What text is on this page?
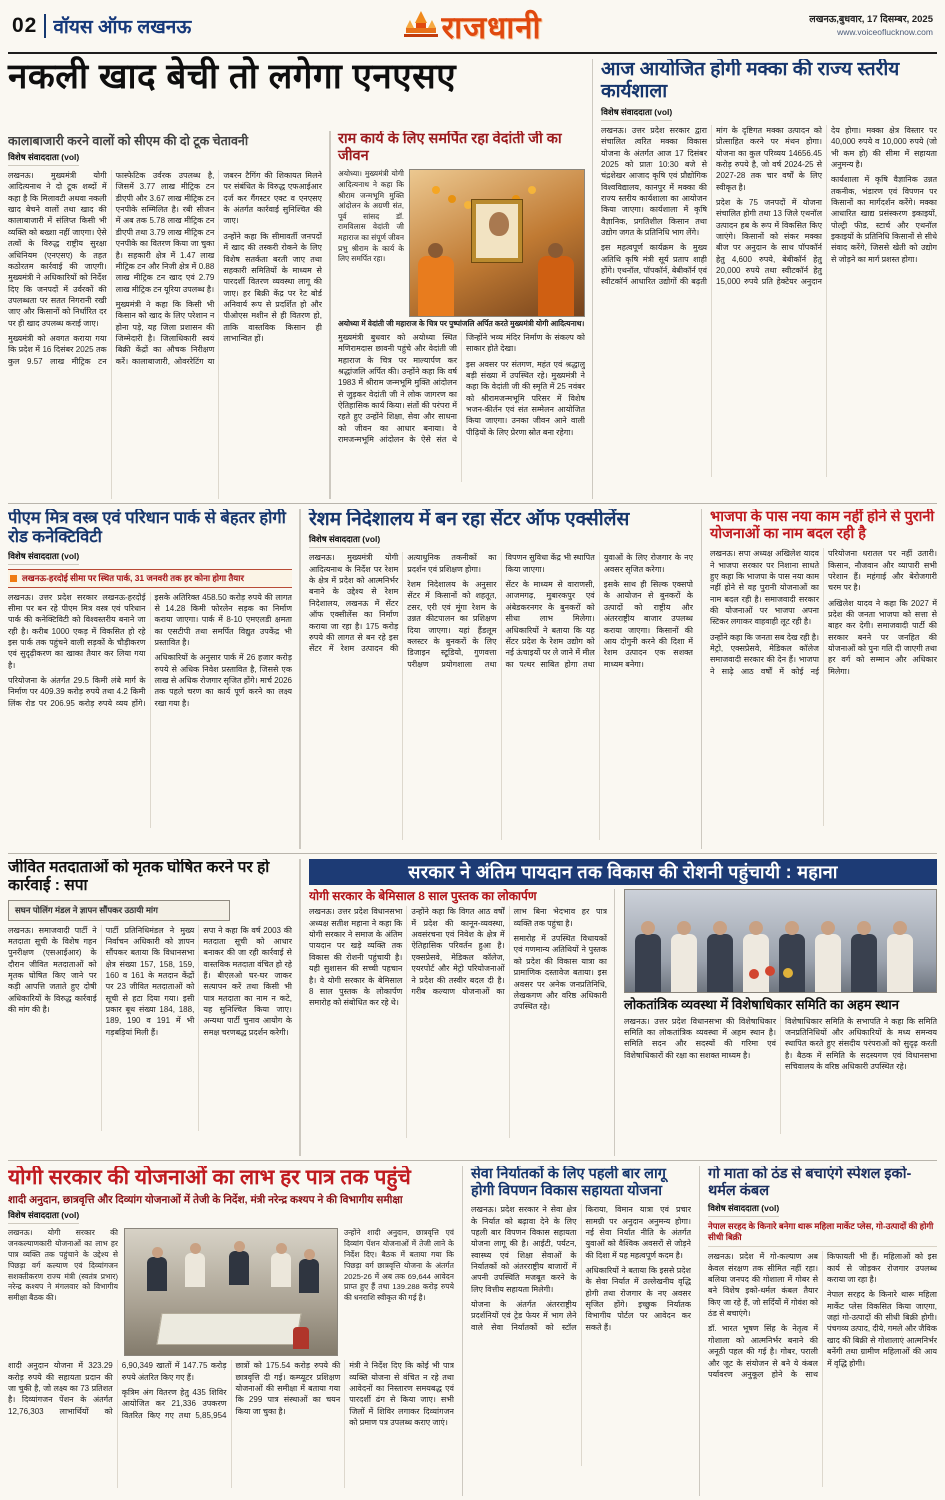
02 वॉयस ऑफ लखनऊ	राजधानी	लखनऊ,बुधवार, 17 दिसम्बर, 2025
www.voiceoflucknow.com
नकली खाद बेची तो लगेगा एनएसए
कालाबाजारी करने वालों को सीएम की दो टूक चेतावनी
विशेष संवाददाता (vol)

लखनऊ। मुख्यमंत्री योगी आदित्यनाथ ने दो टूक शब्दों में कहा है कि मिलावटी अथवा नकली खाद बेचने वालों तथा खाद की कालाबाजारी में संलिप्त किसी भी व्यक्ति को बख्शा नहीं जाएगा। ऐसे तत्वों के विरुद्ध राष्ट्रीय सुरक्षा अधिनियम (एनएसए) के तहत कठोरतम कार्रवाई की जाएगी। मुख्यमंत्री ने अधिकारियों को निर्देश दिए कि जनपदों में उर्वरकों की उपलब्धता पर सतत निगरानी रखी जाए और किसानों को निर्धारित दर पर ही खाद उपलब्ध कराई जाए।

मुख्यमंत्री को अवगत कराया गया कि प्रदेश में 16 दिसंबर 2025 तक कुल 9.57 लाख मीट्रिक टन फास्फेटिक उर्वरक उपलब्ध है, जिसमें 3.77 लाख मीट्रिक टन डीएपी और 3.67 लाख मीट्रिक टन एनपीके सम्मिलित है। रबी सीजन में अब तक 5.78 लाख मीट्रिक टन डीएपी तथा 3.79 लाख मीट्रिक टन एनपीके का वितरण किया जा चुका है। सहकारी क्षेत्र में 1.47 लाख मीट्रिक टन और निजी क्षेत्र में 0.88 लाख मीट्रिक टन खाद एवं 2.79 लाख मीट्रिक टन यूरिया उपलब्ध है।

मुख्यमंत्री ने कहा कि किसी भी किसान को खाद के लिए परेशान न होना पड़े, यह जिला प्रशासन की जिम्मेदारी है। जिलाधिकारी स्वयं बिक्री केंद्रों का औचक निरीक्षण करें। कालाबाजारी, ओवररेटिंग या जबरन टैगिंग की शिकायत मिलने पर संबंधित के विरुद्ध एफआईआर दर्ज कर गैंगस्टर एक्ट व एनएसए के अंतर्गत कार्रवाई सुनिश्चित की जाए।

उन्होंने कहा कि सीमावर्ती जनपदों में खाद की तस्करी रोकने के लिए विशेष सतर्कता बरती जाए तथा सहकारी समितियों के माध्यम से पारदर्शी वितरण व्यवस्था लागू की जाए। हर बिक्री केंद्र पर रेट बोर्ड अनिवार्य रूप से प्रदर्शित हो और पीओएस मशीन से ही वितरण हो, ताकि वास्तविक किसान ही लाभान्वित हों।

राम कार्य के लिए समर्पित रहा वेदांती जी का जीवन

अयोध्या। मुख्यमंत्री योगी आदित्यनाथ ने कहा कि श्रीराम जन्मभूमि मुक्ति आंदोलन के अग्रणी संत, पूर्व सांसद डॉ. रामविलास वेदांती जी महाराज का संपूर्ण जीवन प्रभु श्रीराम के कार्य के लिए समर्पित रहा।

अयोध्या में वेदांती जी महाराज के चित्र पर पुष्पांजलि अर्पित करते मुख्यमंत्री योगी आदित्यनाथ।

मुख्यमंत्री बुधवार को अयोध्या स्थित मणिरामदास छावनी पहुंचे और वेदांती जी महाराज के चित्र पर माल्यार्पण कर श्रद्धांजलि अर्पित की। उन्होंने कहा कि वर्ष 1983 में श्रीराम जन्मभूमि मुक्ति आंदोलन से जुड़कर वेदांती जी ने लोक जागरण का ऐतिहासिक कार्य किया। संतों की परंपरा में रहते हुए उन्होंने शिक्षा, सेवा और साधना को जीवन का आधार बनाया। वे रामजन्मभूमि आंदोलन के ऐसे संत थे जिन्होंने भव्य मंदिर निर्माण के संकल्प को साकार होते देखा।

इस अवसर पर संतगण, महंत एवं श्रद्धालु बड़ी संख्या में उपस्थित रहे। मुख्यमंत्री ने कहा कि वेदांती जी की स्मृति में 25 नवंबर को श्रीरामजन्मभूमि परिसर में विशेष भजन-कीर्तन एवं संत सम्मेलन आयोजित किया जाएगा। उनका जीवन आने वाली पीढ़ियों के लिए प्रेरणा स्रोत बना रहेगा।

आज आयोजित होगी मक्का की राज्य स्तरीय कार्यशाला
विशेष संवाददाता (vol)

लखनऊ। उत्तर प्रदेश सरकार द्वारा संचालित त्वरित मक्का विकास योजना के अंतर्गत आज 17 दिसंबर 2025 को प्रातः 10:30 बजे से चंद्रशेखर आजाद कृषि एवं प्रौद्योगिक विश्वविद्यालय, कानपुर में मक्का की राज्य स्तरीय कार्यशाला का आयोजन किया जाएगा। कार्यशाला में कृषि वैज्ञानिक, प्रगतिशील किसान तथा उद्योग जगत के प्रतिनिधि भाग लेंगे।

इस महत्वपूर्ण कार्यक्रम के मुख्य अतिथि कृषि मंत्री सूर्य प्रताप शाही होंगे। एथनॉल, पॉपकॉर्न, बेबीकॉर्न एवं स्वीटकॉर्न आधारित उद्योगों की बढ़ती मांग के दृष्टिगत मक्का उत्पादन को प्रोत्साहित करने पर मंथन होगा। योजना का कुल परिव्यय 14656.45 करोड़ रुपये है, जो वर्ष 2024-25 से 2027-28 तक चार वर्षों के लिए स्वीकृत है।

प्रदेश के 75 जनपदों में योजना संचालित होगी तथा 13 जिले एथनॉल उत्पादन हब के रूप में विकसित किए जाएंगे। किसानों को संकर मक्का बीज पर अनुदान के साथ पॉपकॉर्न हेतु 4,600 रुपये, बेबीकॉर्न हेतु 20,000 रुपये तथा स्वीटकॉर्न हेतु 15,000 रुपये प्रति हेक्टेयर अनुदान देय होगा। मक्का क्षेत्र विस्तार पर 40,000 रुपये व 10,000 रुपये (जो भी कम हो) की सीमा में सहायता अनुमन्य है।

कार्यशाला में कृषि वैज्ञानिक उन्नत तकनीक, भंडारण एवं विपणन पर किसानों का मार्गदर्शन करेंगे। मक्का आधारित खाद्य प्रसंस्करण इकाइयों, पोल्ट्री फीड, स्टार्च और एथनॉल इकाइयों के प्रतिनिधि किसानों से सीधे संवाद करेंगे, जिससे खेती को उद्योग से जोड़ने का मार्ग प्रशस्त होगा।

पीएम मित्र वस्त्र एवं परिधान पार्क से बेहतर होगी रोड कनेक्टिविटी
विशेष संवाददाता (vol)
लखनऊ-हरदोई सीमा पर स्थित पार्क, 31 जनवरी तक हर कोना होगा तैयार

लखनऊ। उत्तर प्रदेश सरकार लखनऊ-हरदोई सीमा पर बन रहे पीएम मित्र वस्त्र एवं परिधान पार्क की कनेक्टिविटी को विश्वस्तरीय बनाने जा रही है। करीब 1000 एकड़ में विकसित हो रहे इस पार्क तक पहुंचने वाली सड़कों के चौड़ीकरण एवं सुदृढ़ीकरण का खाका तैयार कर लिया गया है।

परियोजना के अंतर्गत 29.5 किमी लंबे मार्ग के निर्माण पर 409.39 करोड़ रुपये तथा 4.2 किमी लिंक रोड पर 206.95 करोड़ रुपये व्यय होंगे। इसके अतिरिक्त 458.50 करोड़ रुपये की लागत से 14.28 किमी फोरलेन सड़क का निर्माण कराया जाएगा। पार्क में 8-10 एमएलडी क्षमता का एसटीपी तथा समर्पित विद्युत उपकेंद्र भी प्रस्तावित है।

अधिकारियों के अनुसार पार्क में 26 हजार करोड़ रुपये से अधिक निवेश प्रस्तावित है, जिससे एक लाख से अधिक रोजगार सृजित होंगे। मार्च 2026 तक पहले चरण का कार्य पूर्ण करने का लक्ष्य रखा गया है।

रेशम निदेशालय में बन रहा सेंटर ऑफ एक्सीलेंस
विशेष संवाददाता (vol)

लखनऊ। मुख्यमंत्री योगी आदित्यनाथ के निर्देश पर रेशम के क्षेत्र में प्रदेश को आत्मनिर्भर बनाने के उद्देश्य से रेशम निदेशालय, लखनऊ में सेंटर ऑफ एक्सीलेंस का निर्माण कराया जा रहा है। 175 करोड़ रुपये की लागत से बन रहे इस सेंटर में रेशम उत्पादन की अत्याधुनिक तकनीकों का प्रदर्शन एवं प्रशिक्षण होगा।

रेशम निदेशालय के अनुसार सेंटर में किसानों को शहतूत, टसर, एरी एवं मूंगा रेशम के उन्नत कीटपालन का प्रशिक्षण दिया जाएगा। यहां हैंडलूम क्लस्टर के बुनकरों के लिए डिजाइन स्टूडियो, गुणवत्ता परीक्षण प्रयोगशाला तथा विपणन सुविधा केंद्र भी स्थापित किया जाएगा।

सेंटर के माध्यम से वाराणसी, आजमगढ़, मुबारकपुर एवं अंबेडकरनगर के बुनकरों को सीधा लाभ मिलेगा। अधिकारियों ने बताया कि यह सेंटर प्रदेश के रेशम उद्योग को नई ऊंचाइयों पर ले जाने में मील का पत्थर साबित होगा तथा युवाओं के लिए रोजगार के नए अवसर सृजित करेगा।

इसके साथ ही सिल्क एक्सपो के आयोजन से बुनकरों के उत्पादों को राष्ट्रीय और अंतरराष्ट्रीय बाजार उपलब्ध कराया जाएगा। किसानों की आय दोगुनी करने की दिशा में रेशम उत्पादन एक सशक्त माध्यम बनेगा।

भाजपा के पास नया काम नहीं होने से पुरानी योजनाओं का नाम बदल रही है

लखनऊ। सपा अध्यक्ष अखिलेश यादव ने भाजपा सरकार पर निशाना साधते हुए कहा कि भाजपा के पास नया काम नहीं होने से वह पुरानी योजनाओं का नाम बदल रही है। समाजवादी सरकार की योजनाओं पर भाजपा अपना स्टिकर लगाकर वाहवाही लूट रही है।

उन्होंने कहा कि जनता सब देख रही है। मेट्रो, एक्सप्रेसवे, मेडिकल कॉलेज समाजवादी सरकार की देन हैं। भाजपा ने साढ़े आठ वर्षों में कोई नई परियोजना धरातल पर नहीं उतारी। किसान, नौजवान और व्यापारी सभी परेशान हैं। महंगाई और बेरोजगारी चरम पर है।

अखिलेश यादव ने कहा कि 2027 में प्रदेश की जनता भाजपा को सत्ता से बाहर कर देगी। समाजवादी पार्टी की सरकार बनने पर जनहित की योजनाओं को पुनः गति दी जाएगी तथा हर वर्ग को सम्मान और अधिकार मिलेगा।

जीवित मतदाताओं को मृतक घोषित करने पर हो कार्रवाई : सपा
सघन पोलिंग मंडल ने ज्ञापन सौंपकर उठायी मांग

लखनऊ। समाजवादी पार्टी ने मतदाता सूची के विशेष गहन पुनरीक्षण (एसआईआर) के दौरान जीवित मतदाताओं को मृतक घोषित किए जाने पर कड़ी आपत्ति जताते हुए दोषी अधिकारियों के विरुद्ध कार्रवाई की मांग की है।

पार्टी प्रतिनिधिमंडल ने मुख्य निर्वाचन अधिकारी को ज्ञापन सौंपकर बताया कि विधानसभा क्षेत्र संख्या 157, 158, 159, 160 व 161 के मतदान केंद्रों पर 23 जीवित मतदाताओं को सूची से हटा दिया गया। इसी प्रकार बूथ संख्या 184, 188, 189, 190 व 191 में भी गड़बड़ियां मिली हैं।

सपा ने कहा कि वर्ष 2003 की मतदाता सूची को आधार बनाकर की जा रही कार्रवाई से वास्तविक मतदाता वंचित हो रहे हैं। बीएलओ घर-घर जाकर सत्यापन करें तथा किसी भी पात्र मतदाता का नाम न कटे, यह सुनिश्चित किया जाए। अन्यथा पार्टी चुनाव आयोग के समक्ष चरणबद्ध प्रदर्शन करेगी।

सरकार ने अंतिम पायदान तक विकास की रोशनी पहुंचायी : महाना
योगी सरकार के बेमिसाल 8 साल पुस्तक का लोकार्पण

लखनऊ। उत्तर प्रदेश विधानसभा अध्यक्ष सतीश महाना ने कहा कि योगी सरकार ने समाज के अंतिम पायदान पर खड़े व्यक्ति तक विकास की रोशनी पहुंचायी है। यही सुशासन की सच्ची पहचान है। वे योगी सरकार के बेमिसाल 8 साल पुस्तक के लोकार्पण समारोह को संबोधित कर रहे थे।

उन्होंने कहा कि विगत आठ वर्षों में प्रदेश की कानून-व्यवस्था, अवसंरचना एवं निवेश के क्षेत्र में ऐतिहासिक परिवर्तन हुआ है। एक्सप्रेसवे, मेडिकल कॉलेज, एयरपोर्ट और मेट्रो परियोजनाओं ने प्रदेश की तस्वीर बदल दी है। गरीब कल्याण योजनाओं का लाभ बिना भेदभाव हर पात्र व्यक्ति तक पहुंचा है।

समारोह में उपस्थित विधायकों एवं गणमान्य अतिथियों ने पुस्तक को प्रदेश की विकास यात्रा का प्रामाणिक दस्तावेज बताया। इस अवसर पर अनेक जनप्रतिनिधि, लेखकगण और वरिष्ठ अधिकारी उपस्थित रहे।	लोकतांत्रिक व्यवस्था में विशेषाधिकार समिति का अहम स्थान

लखनऊ। उत्तर प्रदेश विधानसभा की विशेषाधिकार समिति का लोकतांत्रिक व्यवस्था में अहम स्थान है। समिति सदन और सदस्यों की गरिमा एवं विशेषाधिकारों की रक्षा का सशक्त माध्यम है।

विशेषाधिकार समिति के सभापति ने कहा कि समिति जनप्रतिनिधियों और अधिकारियों के मध्य समन्वय स्थापित करते हुए संसदीय परंपराओं को सुदृढ़ करती है। बैठक में समिति के सदस्यगण एवं विधानसभा सचिवालय के वरिष्ठ अधिकारी उपस्थित रहे।

योगी सरकार की योजनाओं का लाभ हर पात्र तक पहुंचे
शादी अनुदान, छात्रवृत्ति और दिव्यांग योजनाओं में तेजी के निर्देश, मंत्री नरेन्द्र कश्यप ने की विभागीय समीक्षा
विशेष संवाददाता (vol)

लखनऊ। योगी सरकार की जनकल्याणकारी योजनाओं का लाभ हर पात्र व्यक्ति तक पहुंचाने के उद्देश्य से पिछड़ा वर्ग कल्याण एवं दिव्यांगजन सशक्तीकरण राज्य मंत्री (स्वतंत्र प्रभार) नरेन्द्र कश्यप ने मंगलवार को विभागीय समीक्षा बैठक की।

उन्होंने शादी अनुदान, छात्रवृत्ति एवं दिव्यांग पेंशन योजनाओं में तेजी लाने के निर्देश दिए। बैठक में बताया गया कि पिछड़ा वर्ग छात्रवृत्ति योजना के अंतर्गत 2025-26 में अब तक 69,644 आवेदन प्राप्त हुए हैं तथा 139.288 करोड़ रुपये की धनराशि स्वीकृत की गई है।

शादी अनुदान योजना में 323.29 करोड़ रुपये की सहायता प्रदान की जा चुकी है, जो लक्ष्य का 73 प्रतिशत है। दिव्यांगजन पेंशन के अंतर्गत 12,76,303 लाभार्थियों को 6,90,349 खातों में 147.75 करोड़ रुपये अंतरित किए गए हैं।

कृत्रिम अंग वितरण हेतु 435 शिविर आयोजित कर 21,336 उपकरण वितरित किए गए तथा 5,85,954 छात्रों को 175.54 करोड़ रुपये की छात्रवृत्ति दी गई। कम्प्यूटर प्रशिक्षण योजनाओं की समीक्षा में बताया गया कि 299 पात्र संस्थाओं का चयन किया जा चुका है।

मंत्री ने निर्देश दिए कि कोई भी पात्र व्यक्ति योजना से वंचित न रहे तथा आवेदनों का निस्तारण समयबद्ध एवं पारदर्शी ढंग से किया जाए। सभी जिलों में शिविर लगाकर दिव्यांगजन को प्रमाण पत्र उपलब्ध कराए जाएं।

सेवा निर्यातकों के लिए पहली बार लागू होगी विपणन विकास सहायता योजना

लखनऊ। प्रदेश सरकार ने सेवा क्षेत्र के निर्यात को बढ़ावा देने के लिए पहली बार विपणन विकास सहायता योजना लागू की है। आईटी, पर्यटन, स्वास्थ्य एवं शिक्षा सेवाओं के निर्यातकों को अंतरराष्ट्रीय बाजारों में अपनी उपस्थिति मजबूत करने के लिए वित्तीय सहायता मिलेगी।

योजना के अंतर्गत अंतरराष्ट्रीय प्रदर्शनियों एवं ट्रेड फेयर में भाग लेने वाले सेवा निर्यातकों को स्टॉल किराया, विमान यात्रा एवं प्रचार सामग्री पर अनुदान अनुमन्य होगा। नई सेवा निर्यात नीति के अंतर्गत युवाओं को वैश्विक अवसरों से जोड़ने की दिशा में यह महत्वपूर्ण कदम है।

अधिकारियों ने बताया कि इससे प्रदेश के सेवा निर्यात में उल्लेखनीय वृद्धि होगी तथा रोजगार के नए अवसर सृजित होंगे। इच्छुक निर्यातक विभागीय पोर्टल पर आवेदन कर सकते हैं।

गो माता को ठंड से बचाएंगे स्पेशल इको-थर्मल कंबल
विशेष संवाददाता (vol)
नेपाल सरहद के किनारे बनेगा थारू महिला मार्केट प्लेस, गो-उत्पादों की होगी सीधी बिक्री

लखनऊ। प्रदेश में गो-कल्याण अब केवल संरक्षण तक सीमित नहीं रहा। बलिया जनपद की गोशाला में गोबर से बने विशेष इको-थर्मल कंबल तैयार किए जा रहे हैं, जो सर्दियों में गोवंश को ठंड से बचाएंगे।

डॉ. भारत भूषण सिंह के नेतृत्व में गोशाला को आत्मनिर्भर बनाने की अनूठी पहल की गई है। गोबर, पराली और जूट के संयोजन से बने ये कंबल पर्यावरण अनुकूल होने के साथ किफायती भी हैं। महिलाओं को इस कार्य से जोड़कर रोजगार उपलब्ध कराया जा रहा है।

नेपाल सरहद के किनारे थारू महिला मार्केट प्लेस विकसित किया जाएगा, जहां गो-उत्पादों की सीधी बिक्री होगी। पंचगव्य उत्पाद, दीये, गमले और जैविक खाद की बिक्री से गोशालाएं आत्मनिर्भर बनेंगी तथा ग्रामीण महिलाओं की आय में वृद्धि होगी।
